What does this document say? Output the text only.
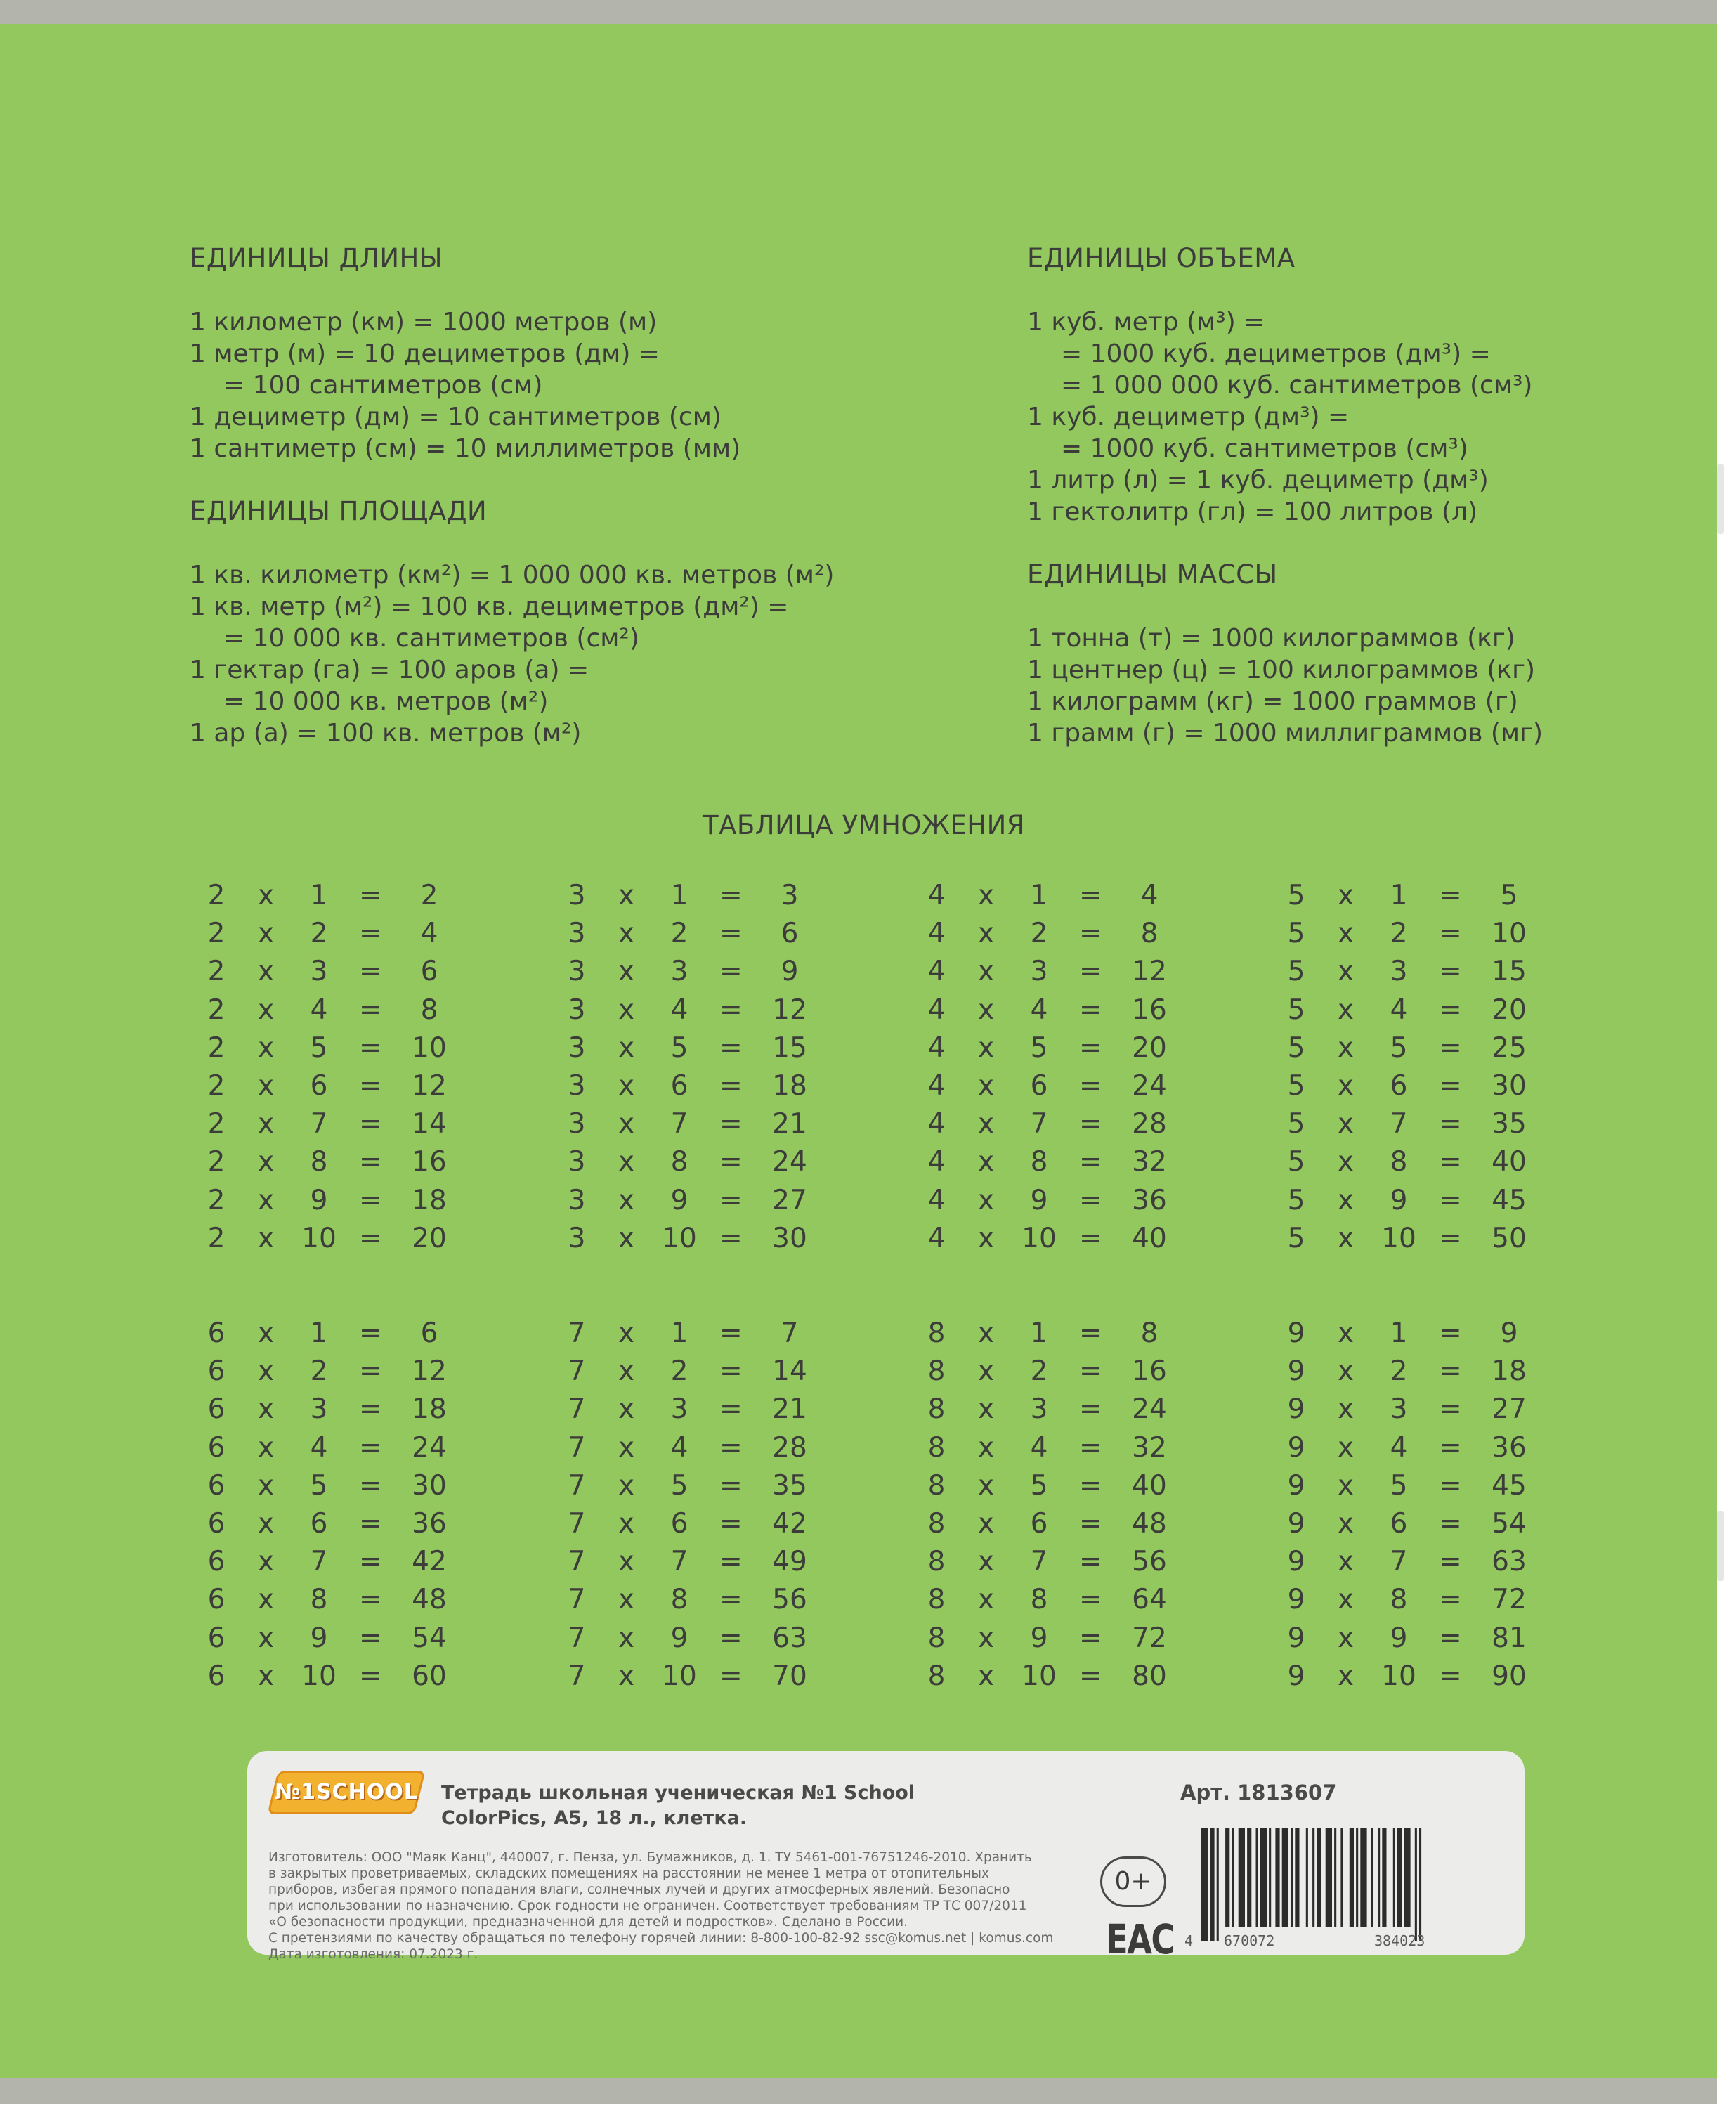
ЕДИНИЦЫ ДЛИНЫ
1 километр (км) = 1000 метров (м)
1 метр (м) = 10 дециметров (дм) =
= 100 сантиметров (см)
1 дециметр (дм) = 10 сантиметров (см)
1 сантиметр (см) = 10 миллиметров (мм)
ЕДИНИЦЫ ПЛОЩАДИ
1 кв. километр (км²) = 1 000 000 кв. метров (м²)
1 кв. метр (м²) = 100 кв. дециметров (дм²) =
= 10 000 кв. сантиметров (см²)
1 гектар (га) = 100 аров (а) =
= 10 000 кв. метров (м²)
1 ар (а) = 100 кв. метров (м²)
ЕДИНИЦЫ ОБЪЕМА
1 куб. метр (м³) =
= 1000 куб. дециметров (дм³) =
= 1 000 000 куб. сантиметров (см³)
1 куб. дециметр (дм³) =
= 1000 куб. сантиметров (см³)
1 литр (л) = 1 куб. дециметр (дм³)
1 гектолитр (гл) = 100 литров (л)
ЕДИНИЦЫ МАССЫ
1 тонна (т) = 1000 килограммов (кг)
1 центнер (ц) = 100 килограммов (кг)
1 килограмм (кг) = 1000 граммов (г)
1 грамм (г) = 1000 миллиграммов (мг)
ТАБЛИЦА УМНОЖЕНИЯ
2 x	1	=	2
2 x	2	=	4
2 x	3	=	6
2 x	4	=	8
2 x	5	=	10
2 x	6	=	12
2 x	7	=	14
2 x	8	=	16
2 x	9	=	18
2 x 10 =	20
3 x	1	=	3
3 x	2	=	6
3 x	3	=	9
3 x	4	=	12
3 x	5	=	15
3 x	6	=	18
3 x	7	=	21
3 x	8	=	24
3 x	9	=	27
3 x 10 =	30
4 x	1	=	4
4 x	2	=	8
4 x	3	=	12
4 x	4	=	16
4 x	5	=	20
4 x	6	=	24
4 x	7	=	28
4 x	8	=	32
4 x	9	=	36
4 x 10 =	40
5 x	1	=	5
5 x	2	=	10
5 x	3	=	15
5 x	4	=	20
5 x	5	=	25
5 x	6	=	30
5 x	7	=	35
5 x	8	=	40
5 x	9	=	45
5 x 10 =	50
6 x	1	=	6
6 x	2	=	12
6 x	3	=	18
6 x	4	=	24
6 x	5	=	30
6 x	6	=	36
6 x	7	=	42
6 x	8	=	48
6 x	9	=	54
6 x 10 =	60
7 x	1	=	7
7 x	2	=	14
7 x	3	=	21
7 x	4	=	28
7 x	5	=	35
7 x	6	=	42
7 x	7	=	49
7 x	8	=	56
7 x	9	=	63
7 x 10 =	70
8 x	1	=	8
8 x	2	=	16
8 x	3	=	24
8 x	4	=	32
8 x	5	=	40
8 x	6	=	48
8 x	7	=	56
8 x	8	=	64
8 x	9	=	72
8 x 10 =	80
9 x	1	=	9
9 x	2	=	18
9 x	3	=	27
9 x	4	=	36
9 x	5	=	45
9 x	6	=	54
9 x	7	=	63
9 x	8	=	72
9 x	9	=	81
9 x 10 =	90
№1SCHOOL Тетрадь школьная ученическая №1 School ColorPics, A5, 18 л., клетка.
Арт. 1813607
Изготовитель: ООО "Маяк Канц", 440007, г. Пенза, ул. Бумажников, д. 1. ТУ 5461-001-76751246-2010. Хранить
в закрытых проветриваемых, складских помещениях на расстоянии не менее 1 метра от отопительных
приборов, избегая прямого попадания влаги, солнечных лучей и других атмосферных явлений. Безопасно
при использовании по назначению. Срок годности не ограничен. Соответствует требованиям ТР ТС 007/2011
«О безопасности продукции, предназначенной для детей и подростков». Сделано в России.
С претензиями по качеству обращаться по телефону горячей линии: 8-800-100-82-92 ssc@komus.net | komus.com
Дата изготовления: 07.2023 г.
0+
EAC 4 670072	384023
